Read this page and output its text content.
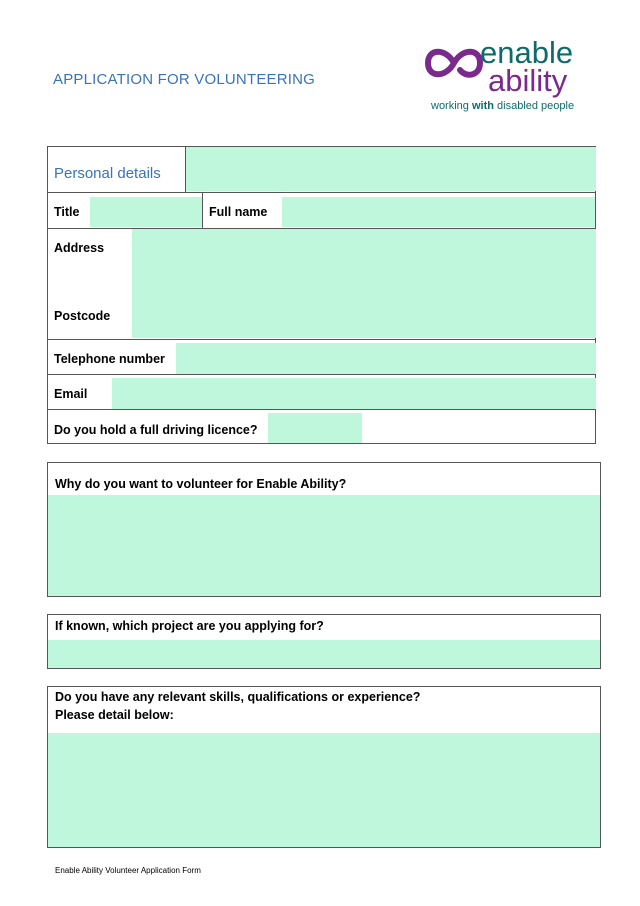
APPLICATION FOR VOLUNTEERING
enable
ability
working with disabled people
Personal details
Title	Full name
Address
Postcode
Telephone number
Email
Do you hold a full driving licence?
Why do you want to volunteer for Enable Ability?
If known, which project are you applying for?
Do you have any relevant skills, qualifications or experience?
Please detail below:
Enable Ability Volunteer Application Form
